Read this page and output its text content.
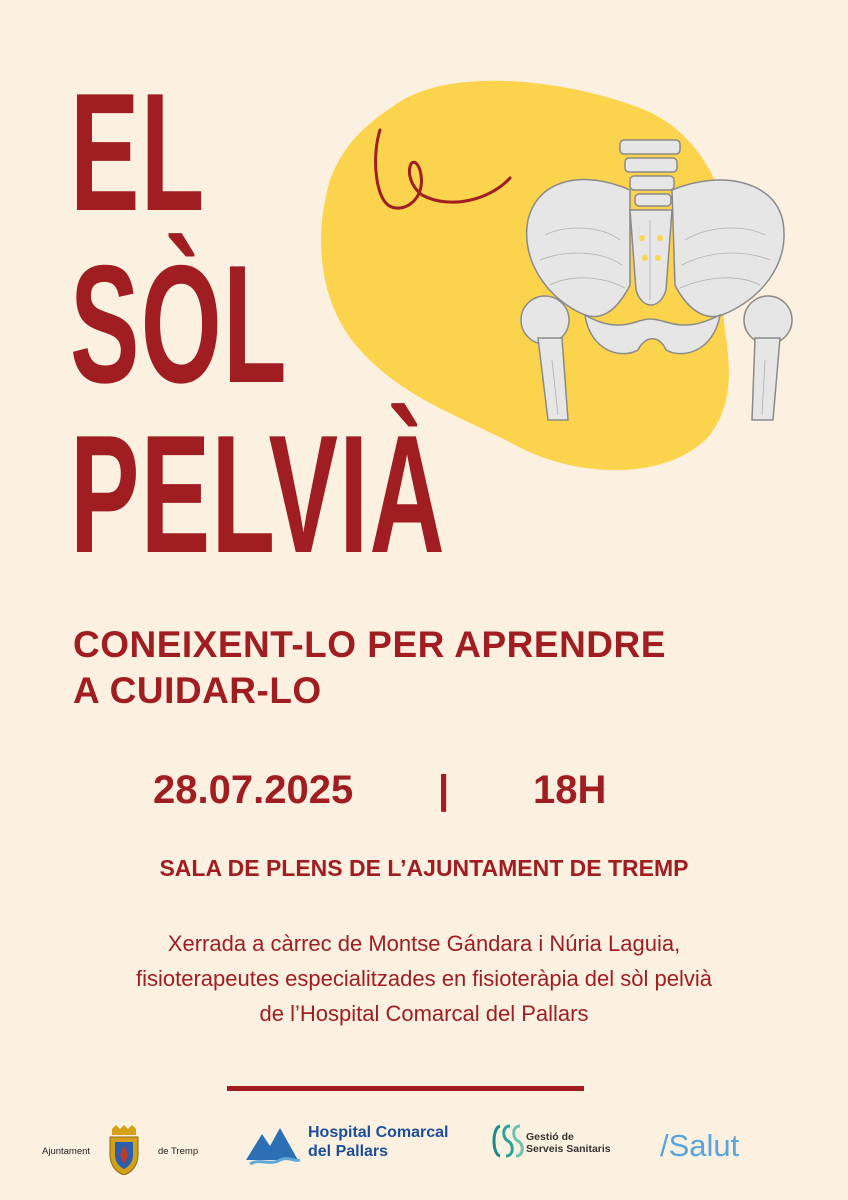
EL
SÒL
PELVIÀ
CONEIXENT-LO PER APRENDRE
A CUIDAR-LO
28.07.2025 | 18H
SALA DE PLENS DE L’AJUNTAMENT DE TREMP
Xerrada a càrrec de Montse Gándara i Núria Laguia,
fisioterapeutes especialitzades en fisioteràpia del sòl pelvià
de l’Hospital Comarcal del Pallars
Ajuntament	de Tremp
Hospital Comarcal
del Pallars
Gestió de
Serveis Sanitaris /Salut
